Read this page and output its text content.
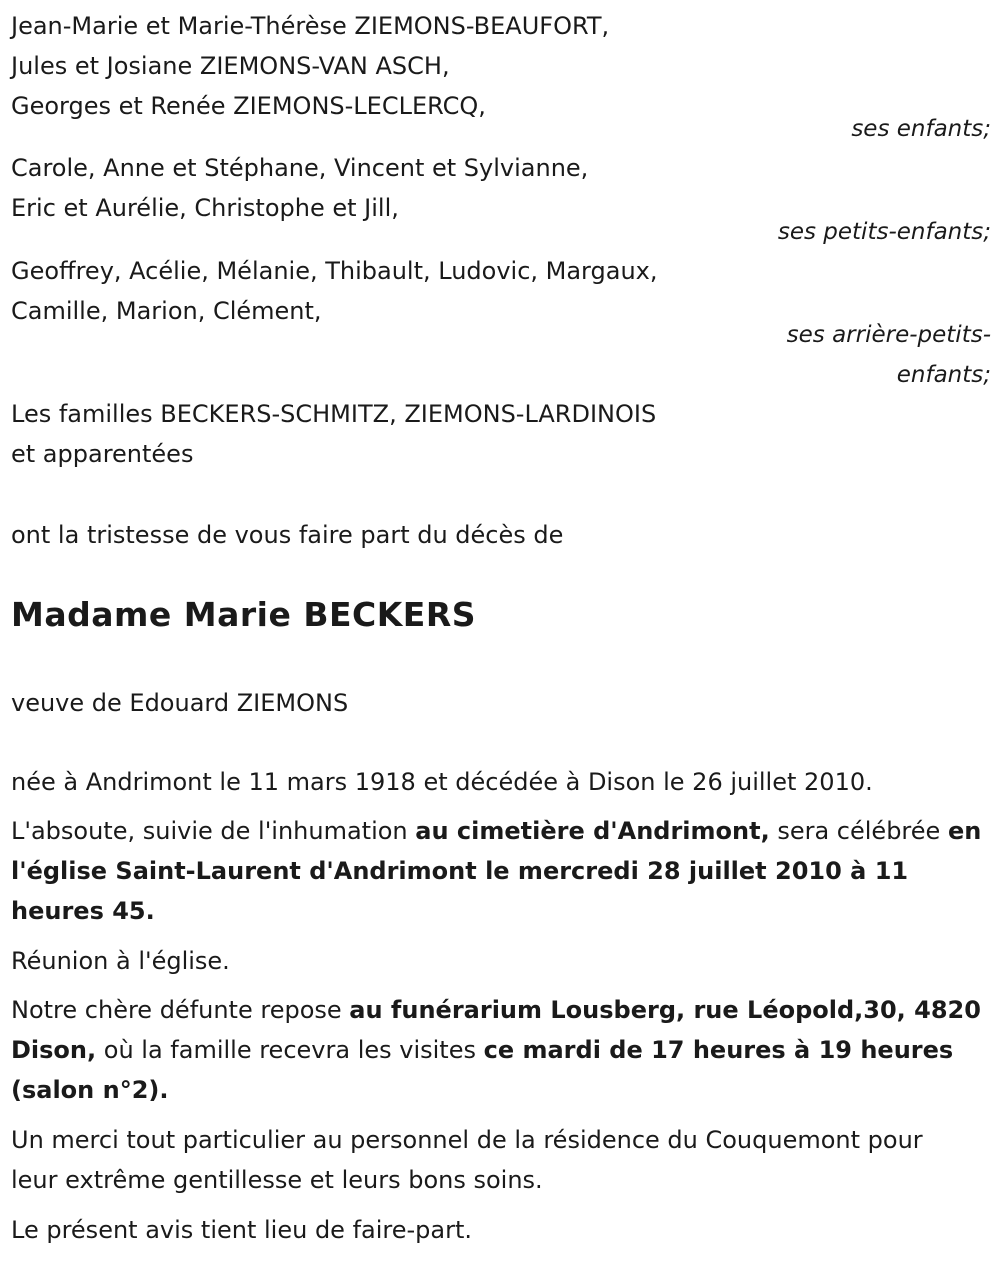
Jean-Marie et Marie-Thérèse ZIEMONS-BEAUFORT,
Jules et Josiane ZIEMONS-VAN ASCH,
Georges et Renée ZIEMONS-LECLERCQ,
ses enfants;
Carole, Anne et Stéphane, Vincent et Sylvianne,
Eric et Aurélie, Christophe et Jill,
ses petits-enfants;
Geoffrey, Acélie, Mélanie, Thibault, Ludovic, Margaux,
Camille, Marion, Clément,
ses arrière-petits-
enfants;
Les familles BECKERS-SCHMITZ, ZIEMONS-LARDINOIS
et apparentées
ont la tristesse de vous faire part du décès de
Madame Marie BECKERS
veuve de Edouard ZIEMONS
née à Andrimont le 11 mars 1918 et décédée à Dison le 26 juillet 2010.
L'absoute, suivie de l'inhumation au cimetière d'Andrimont, sera célébrée en l'église Saint-Laurent d'Andrimont le mercredi 28 juillet 2010 à 11 heures 45.
Réunion à l'église.
Notre chère défunte repose au funérarium Lousberg, rue Léopold,30, 4820 Dison, où la famille recevra les visites ce mardi de 17 heures à 19 heures (salon n°2).
Un merci tout particulier au personnel de la résidence du Couquemont pour leur extrême gentillesse et leurs bons soins.
Le présent avis tient lieu de faire-part.
